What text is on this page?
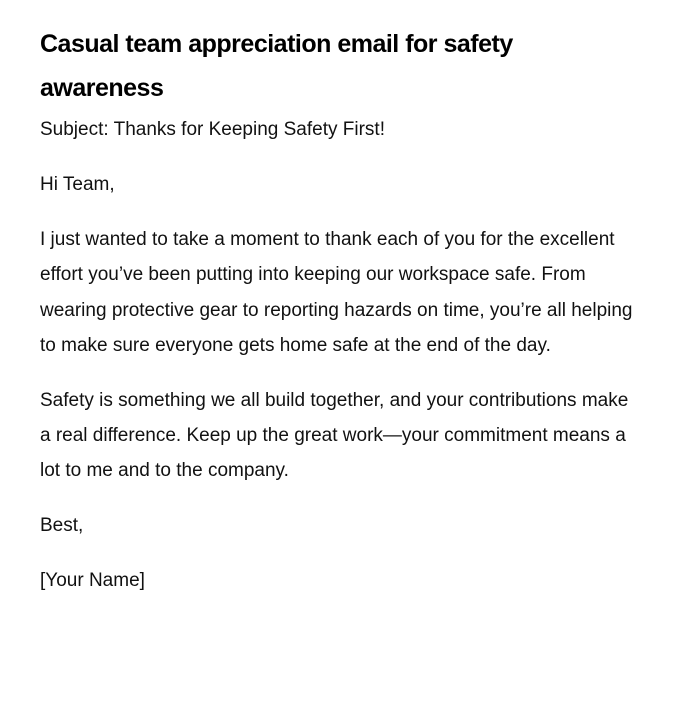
Casual team appreciation email for safety awareness

Subject: Thanks for Keeping Safety First!

Hi Team,

I just wanted to take a moment to thank each of you for the excellent effort you’ve been putting into keeping our workspace safe. From wearing protective gear to reporting hazards on time, you’re all helping to make sure everyone gets home safe at the end of the day.

Safety is something we all build together, and your contributions make a real difference. Keep up the great work—your commitment means a lot to me and to the company.

Best,

[Your Name]
